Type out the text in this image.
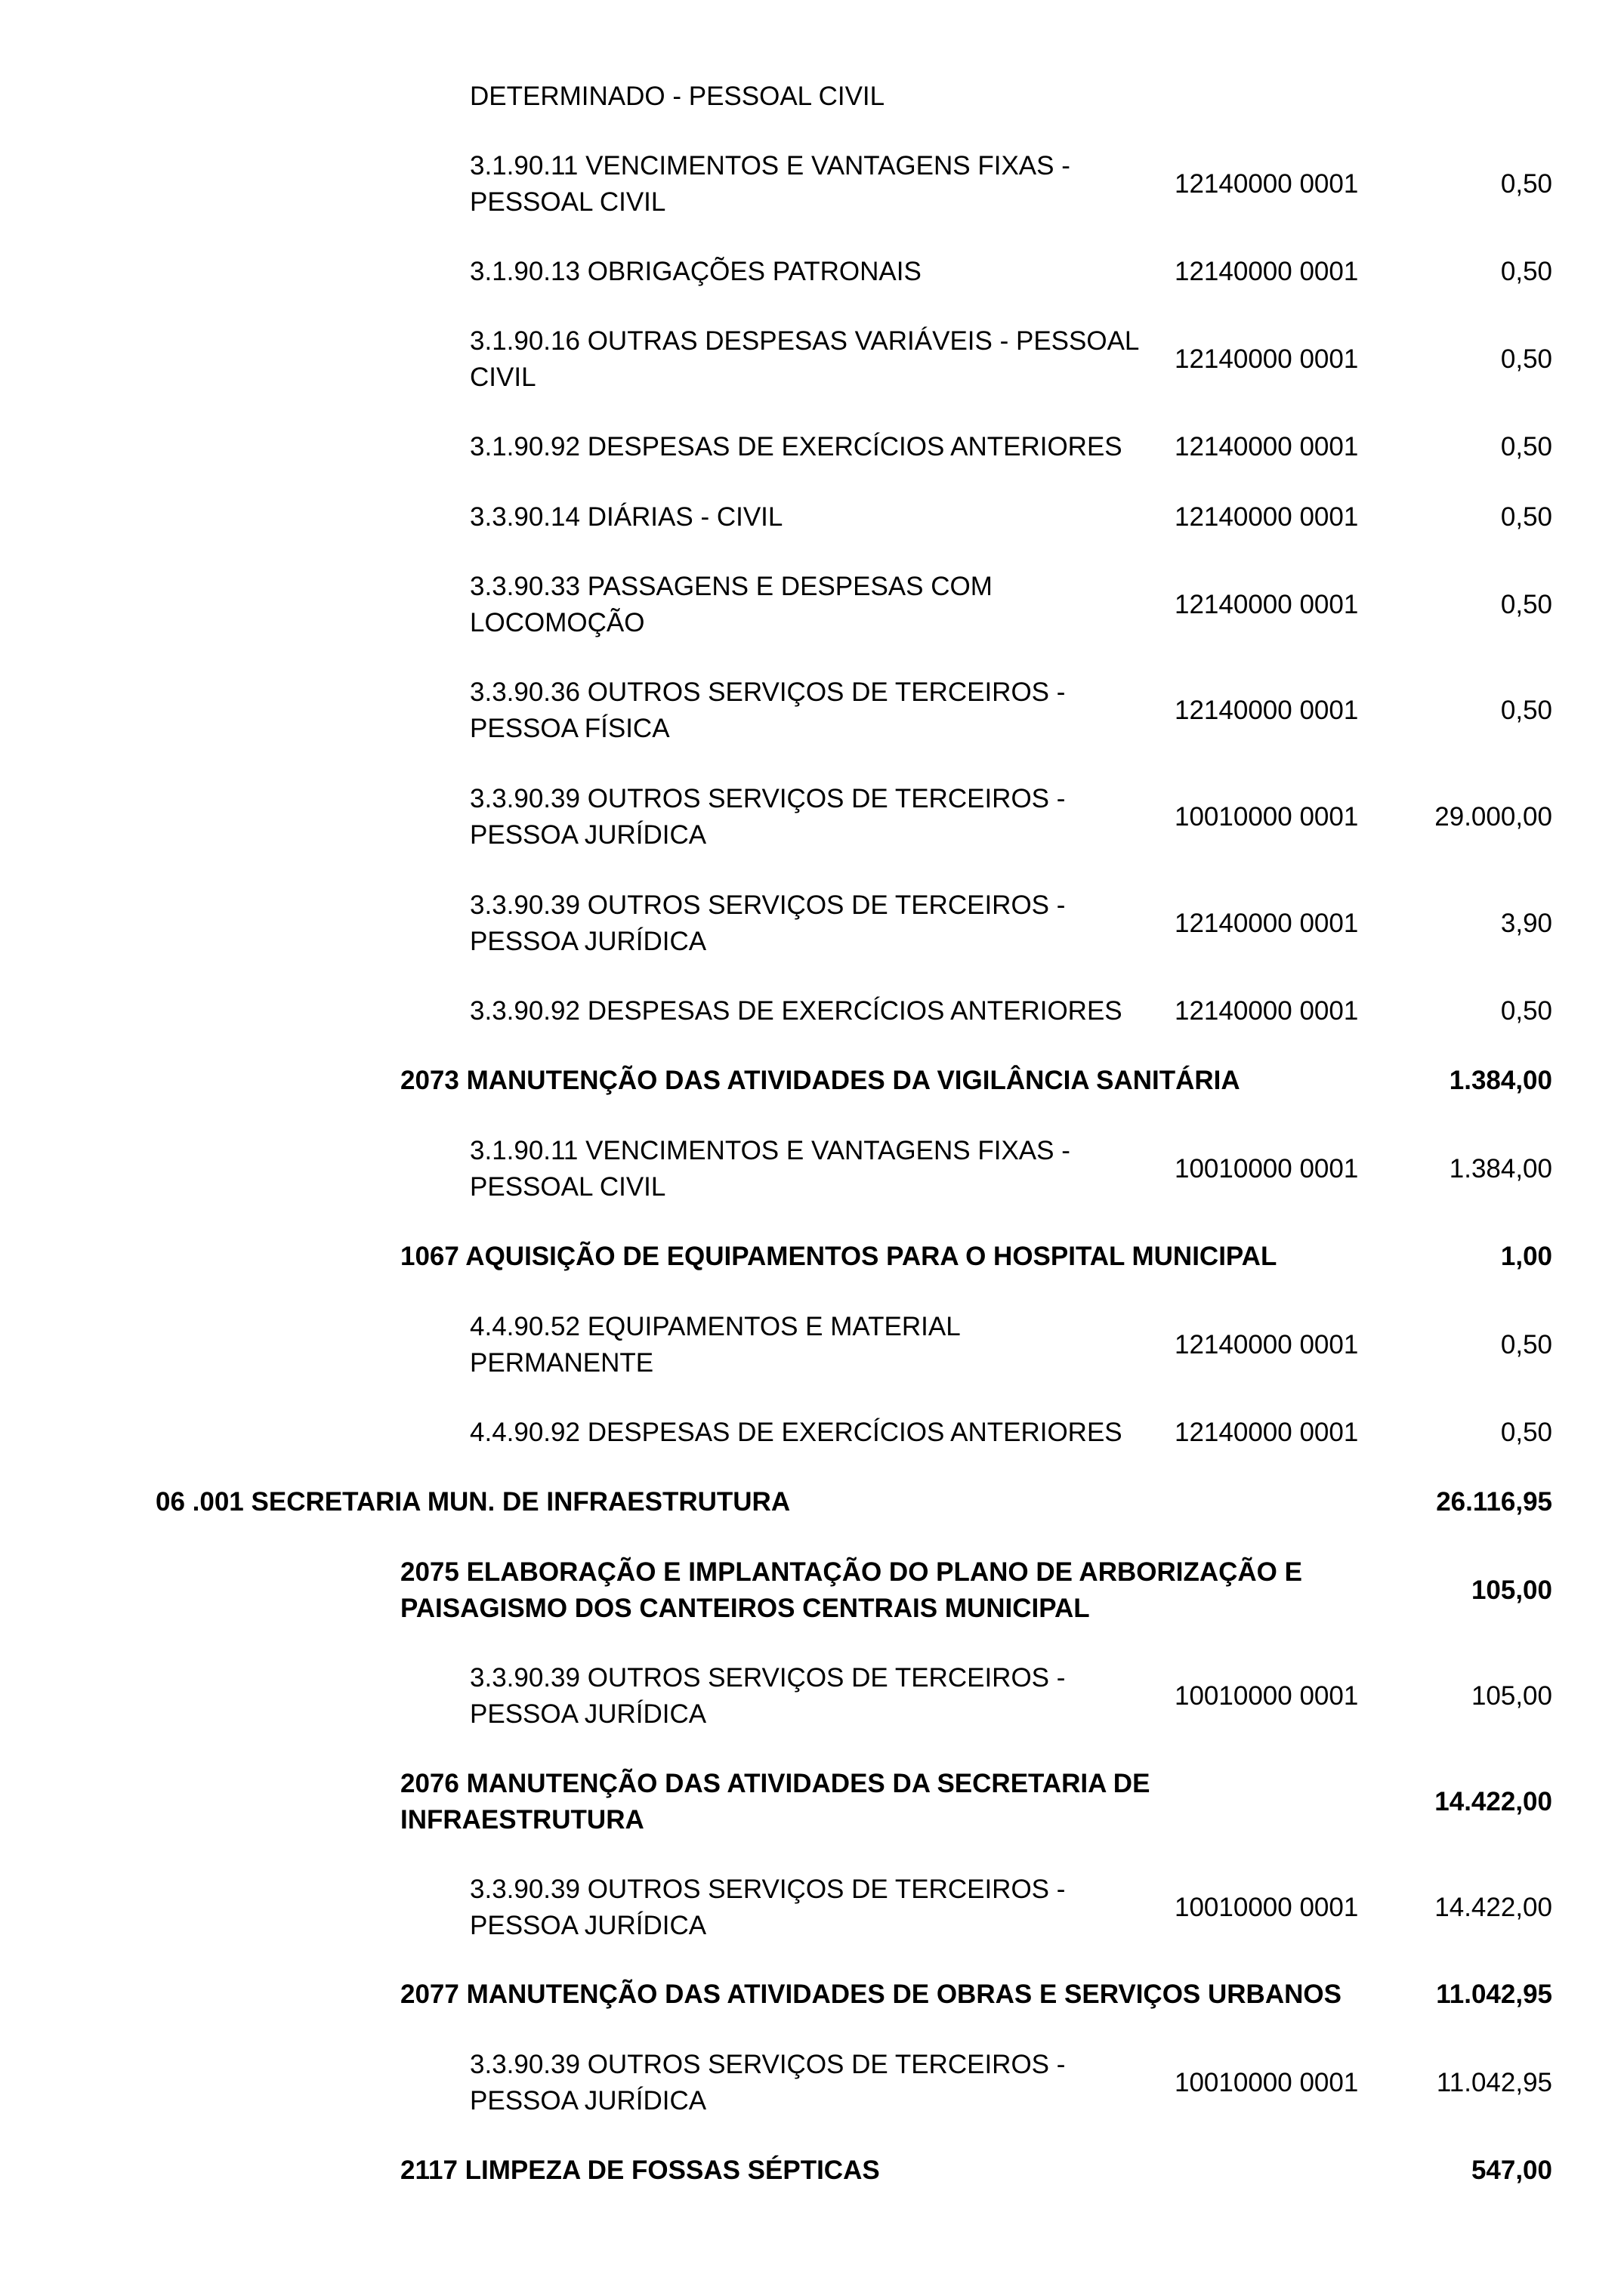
DETERMINADO - PESSOAL CIVIL
3.1.90.11 VENCIMENTOS E VANTAGENS FIXAS -
PESSOAL CIVIL
12140000 0001	0,50
3.1.90.13 OBRIGAÇÕES PATRONAIS	12140000 0001	0,50
3.1.90.16 OUTRAS DESPESAS VARIÁVEIS - PESSOAL
CIVIL
12140000 0001	0,50
3.1.90.92 DESPESAS DE EXERCÍCIOS ANTERIORES	12140000 0001	0,50
3.3.90.14 DIÁRIAS - CIVIL	12140000 0001	0,50
3.3.90.33 PASSAGENS E DESPESAS COM
LOCOMOÇÃO
12140000 0001	0,50
3.3.90.36 OUTROS SERVIÇOS DE TERCEIROS -
PESSOA FÍSICA
12140000 0001	0,50
3.3.90.39 OUTROS SERVIÇOS DE TERCEIROS -
PESSOA JURÍDICA
10010000 0001	29.000,00
3.3.90.39 OUTROS SERVIÇOS DE TERCEIROS -
PESSOA JURÍDICA
12140000 0001	3,90
3.3.90.92 DESPESAS DE EXERCÍCIOS ANTERIORES	12140000 0001	0,50
2073 MANUTENÇÃO DAS ATIVIDADES DA VIGILÂNCIA SANITÁRIA	1.384,00
3.1.90.11 VENCIMENTOS E VANTAGENS FIXAS -
PESSOAL CIVIL
10010000 0001	1.384,00
1067 AQUISIÇÃO DE EQUIPAMENTOS PARA O HOSPITAL MUNICIPAL	1,00
4.4.90.52 EQUIPAMENTOS E MATERIAL
PERMANENTE
12140000 0001	0,50
4.4.90.92 DESPESAS DE EXERCÍCIOS ANTERIORES	12140000 0001	0,50
06 .001 SECRETARIA MUN. DE INFRAESTRUTURA	26.116,95
2075 ELABORAÇÃO E IMPLANTAÇÃO DO PLANO DE ARBORIZAÇÃO E
PAISAGISMO DOS CANTEIROS CENTRAIS MUNICIPAL
105,00
3.3.90.39 OUTROS SERVIÇOS DE TERCEIROS -
PESSOA JURÍDICA
10010000 0001	105,00
2076 MANUTENÇÃO DAS ATIVIDADES DA SECRETARIA DE
INFRAESTRUTURA
14.422,00
3.3.90.39 OUTROS SERVIÇOS DE TERCEIROS -
PESSOA JURÍDICA
10010000 0001	14.422,00
2077 MANUTENÇÃO DAS ATIVIDADES DE OBRAS E SERVIÇOS URBANOS	11.042,95
3.3.90.39 OUTROS SERVIÇOS DE TERCEIROS -
PESSOA JURÍDICA
10010000 0001	11.042,95
2117 LIMPEZA DE FOSSAS SÉPTICAS	547,00
